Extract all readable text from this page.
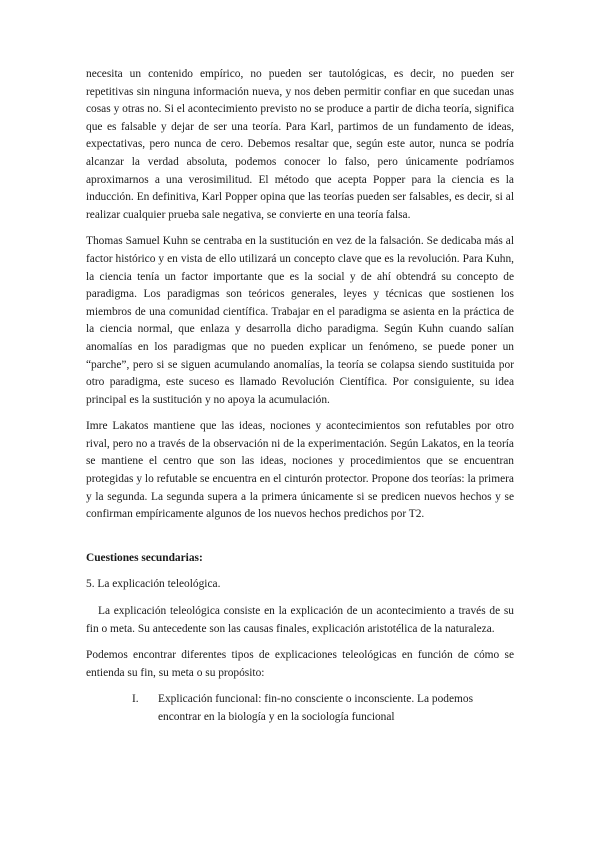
necesita un contenido empírico, no pueden ser tautológicas, es decir, no pueden ser repetitivas sin ninguna información nueva, y nos deben permitir confiar en que sucedan unas cosas y otras no. Si el acontecimiento previsto no se produce a partir de dicha teoría, significa que es falsable y dejar de ser una teoría. Para Karl, partimos de un fundamento de ideas, expectativas, pero nunca de cero. Debemos resaltar que, según este autor, nunca se podría alcanzar la verdad absoluta, podemos conocer lo falso, pero únicamente podríamos aproximarnos a una verosimilitud. El método que acepta Popper para la ciencia es la inducción. En definitiva, Karl Popper opina que las teorías pueden ser falsables, es decir, si al realizar cualquier prueba sale negativa, se convierte en una teoría falsa.

Thomas Samuel Kuhn se centraba en la sustitución en vez de la falsación. Se dedicaba más al factor histórico y en vista de ello utilizará un concepto clave que es la revolución. Para Kuhn, la ciencia tenía un factor importante que es la social y de ahí obtendrá su concepto de paradigma. Los paradigmas son teóricos generales, leyes y técnicas que sostienen los miembros de una comunidad científica. Trabajar en el paradigma se asienta en la práctica de la ciencia normal, que enlaza y desarrolla dicho paradigma. Según Kuhn cuando salían anomalías en los paradigmas que no pueden explicar un fenómeno, se puede poner un “parche”, pero si se siguen acumulando anomalías, la teoría se colapsa siendo sustituida por otro paradigma, este suceso es llamado Revolución Científica. Por consiguiente, su idea principal es la sustitución y no apoya la acumulación.

Imre Lakatos mantiene que las ideas, nociones y acontecimientos son refutables por otro rival, pero no a través de la observación ni de la experimentación. Según Lakatos, en la teoría se mantiene el centro que son las ideas, nociones y procedimientos que se encuentran protegidas y lo refutable se encuentra en el cinturón protector. Propone dos teorías: la primera y la segunda. La segunda supera a la primera únicamente si se predicen nuevos hechos y se confirman empíricamente algunos de los nuevos hechos predichos por T2.

Cuestiones secundarias:

5. La explicación teleológica.

La explicación teleológica consiste en la explicación de un acontecimiento a través de su fin o meta. Su antecedente son las causas finales, explicación aristotélica de la naturaleza.

Podemos encontrar diferentes tipos de explicaciones teleológicas en función de cómo se entienda su fin, su meta o su propósito:

I. Explicación funcional: fin-no consciente o inconsciente. La podemos encontrar en la biología y en la sociología funcional
